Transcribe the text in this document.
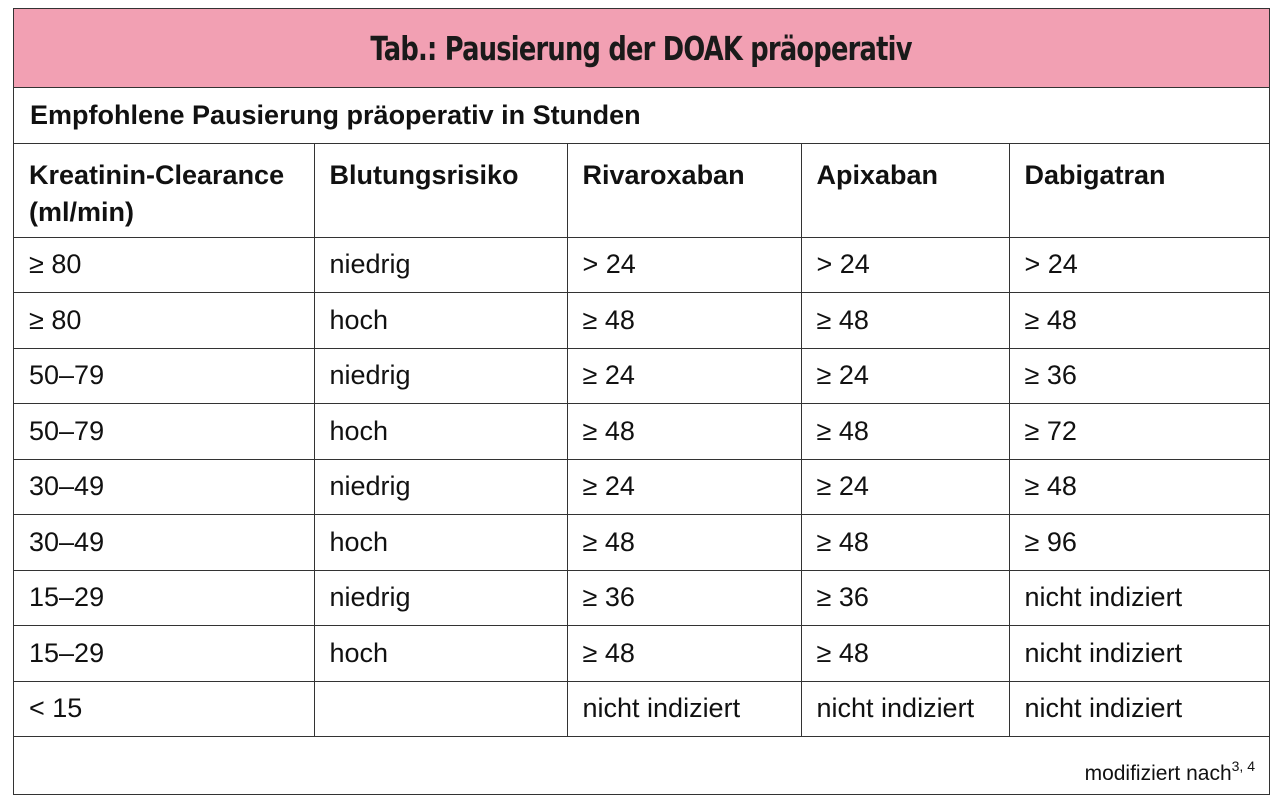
Tab.: Pausierung der DOAK präoperativ
Empfohlene Pausierung präoperativ in Stunden
Kreatinin-Clearance (ml/min)	Blutungsrisiko	Rivaroxaban	Apixaban	Dabigatran
≥ 80	niedrig	> 24	> 24	> 24
≥ 80	hoch	≥ 48	≥ 48	≥ 48
50–79	niedrig	≥ 24	≥ 24	≥ 36
50–79	hoch	≥ 48	≥ 48	≥ 72
30–49	niedrig	≥ 24	≥ 24	≥ 48
30–49	hoch	≥ 48	≥ 48	≥ 96
15–29	niedrig	≥ 36	≥ 36	nicht indiziert
15–29	hoch	≥ 48	≥ 48	nicht indiziert
< 15		nicht indiziert	nicht indiziert	nicht indiziert
modifiziert nach$^{3, 4}$
